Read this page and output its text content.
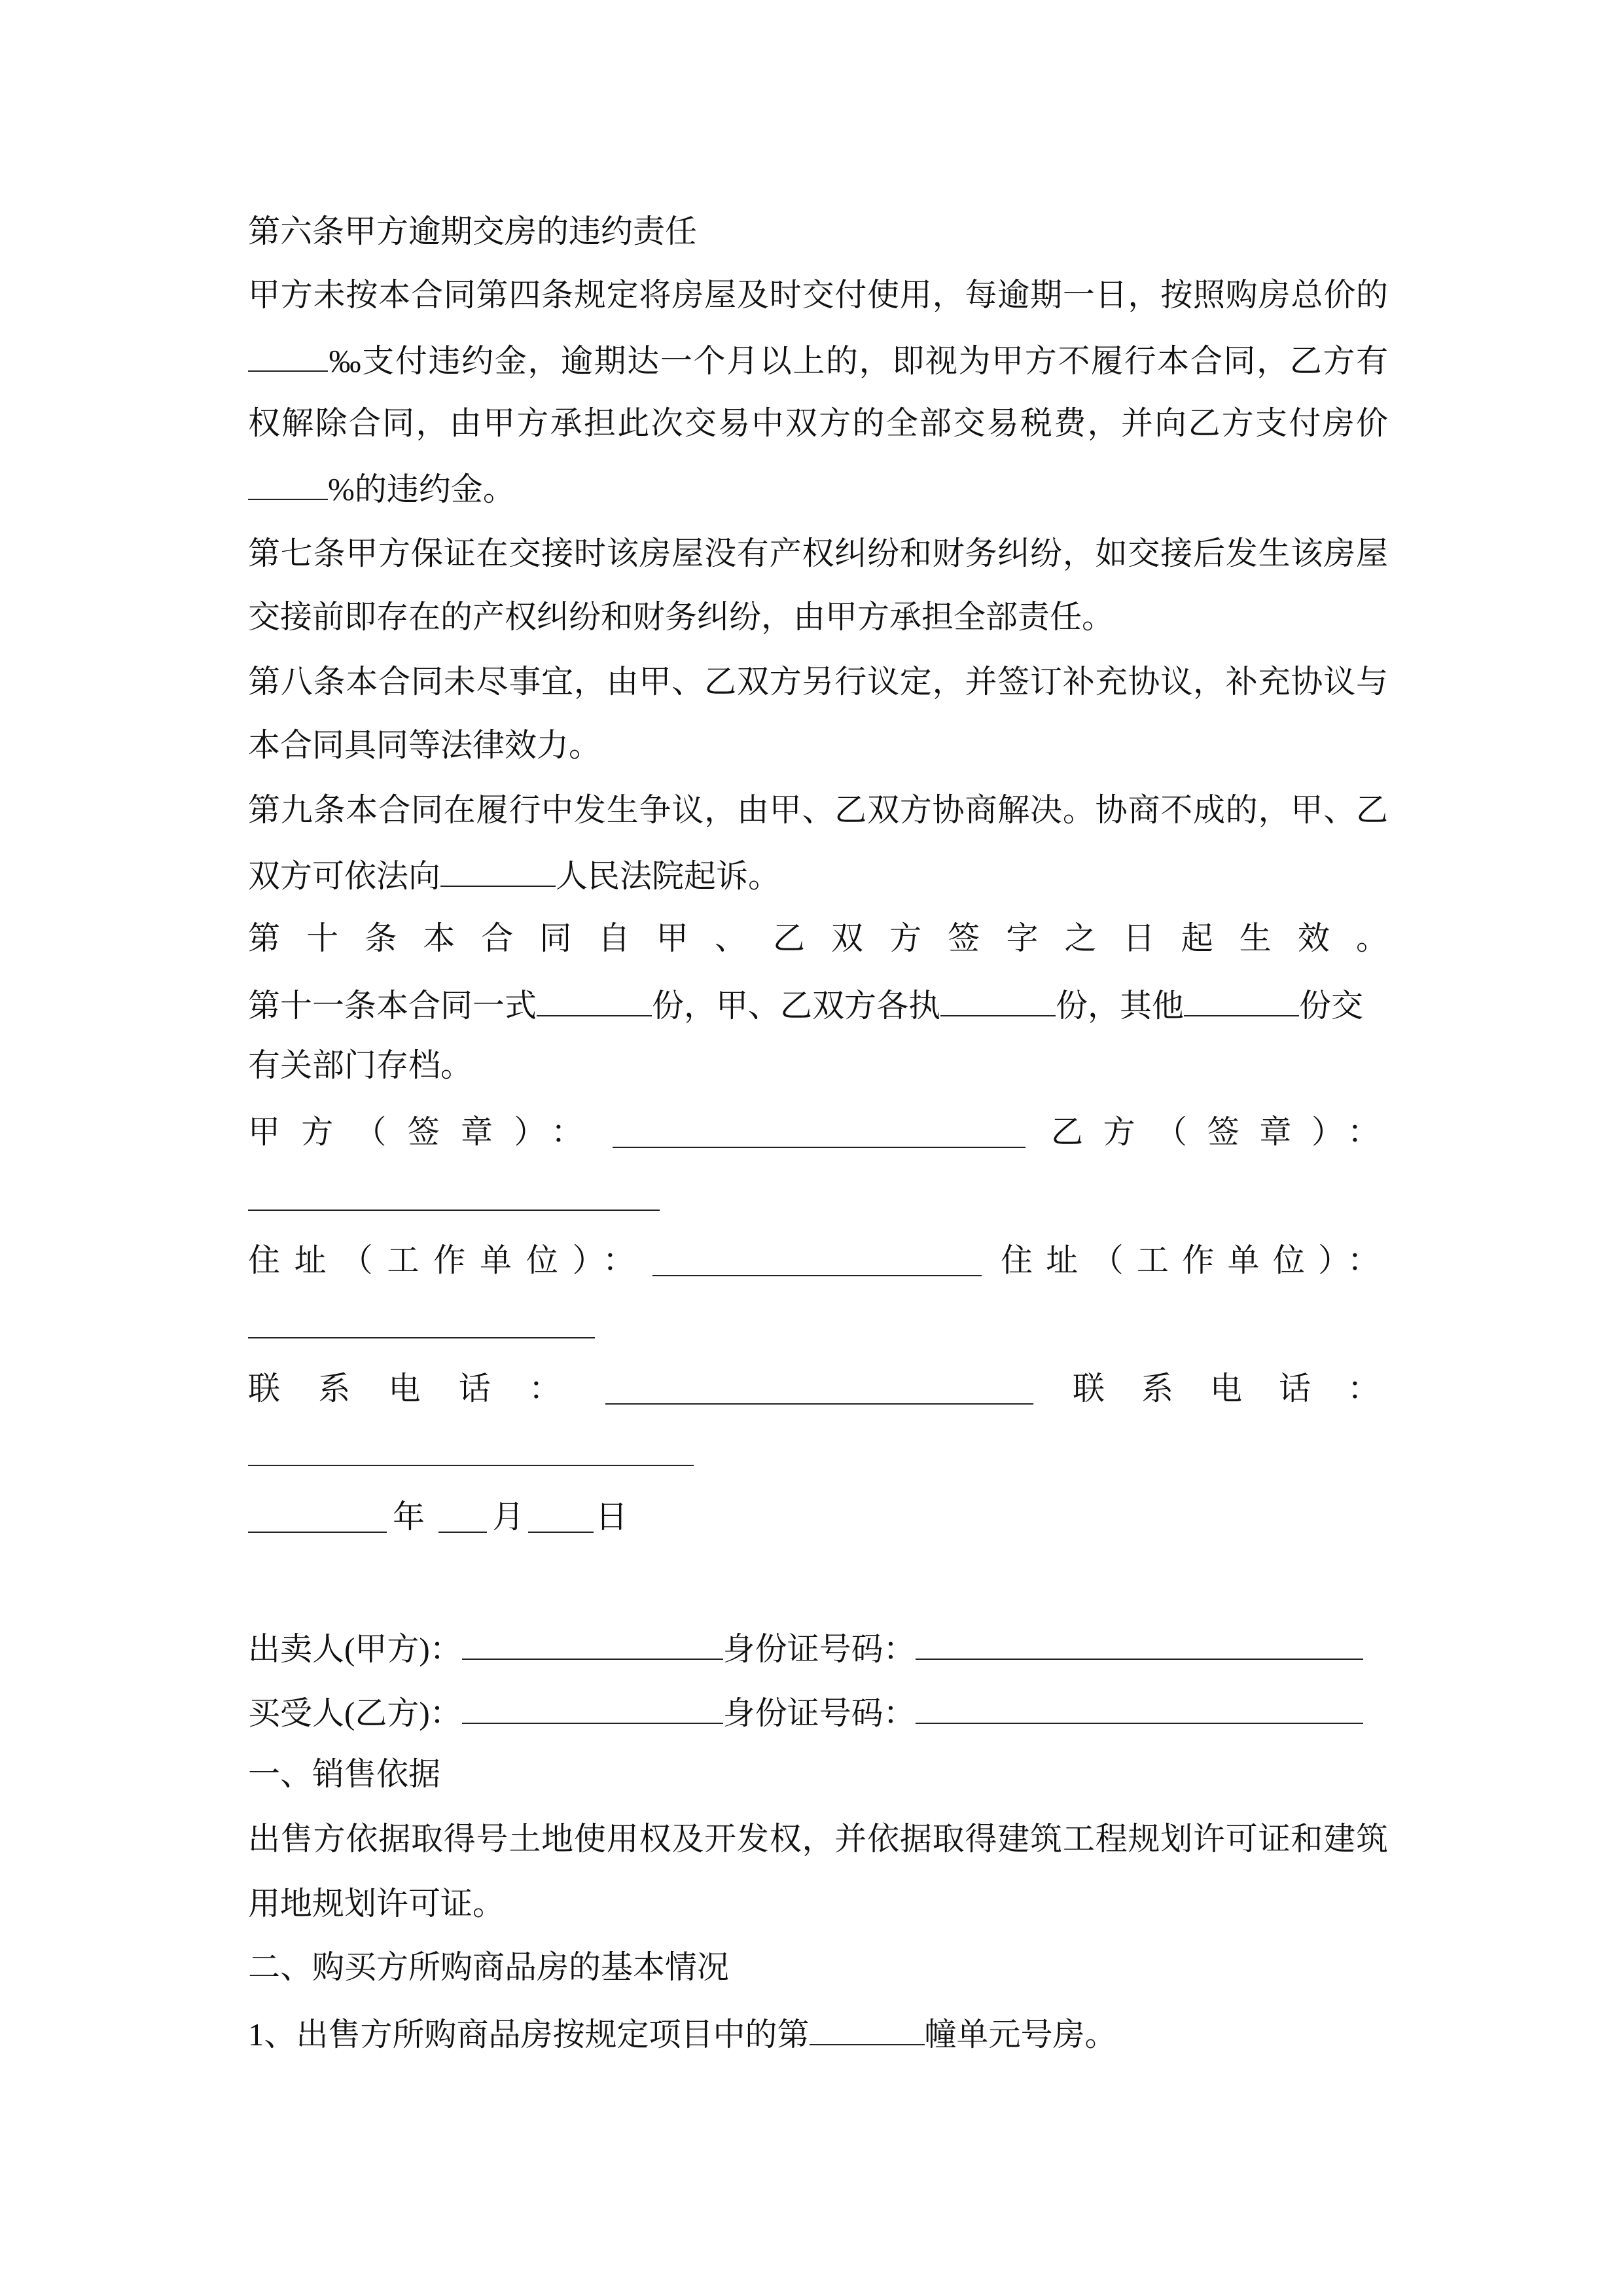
甲方（签章）：	乙方（签章）：
住址（工作单位）：	住址（工作单位）：
联系电话：	联系电话：
年 月 日
第六条甲方逾期交房的违约责任
甲方未按本合同第四条规定将房屋及时交付使用，每逾期一日，按照购房总价的
‰支付违约金，逾期达一个月以上的，即视为甲方不履行本合同，乙方有
权解除合同，由甲方承担此次交易中双方的全部交易税费，并向乙方支付房价
%的违约金。
第七条甲方保证在交接时该房屋没有产权纠纷和财务纠纷，如交接后发生该房屋
交接前即存在的产权纠纷和财务纠纷，由甲方承担全部责任。
第八条本合同未尽事宜，由甲、乙双方另行议定，并签订补充协议，补充协议与
本合同具同等法律效力。
第九条本合同在履行中发生争议，由甲、乙双方协商解决。协商不成的，甲、乙
双方可依法向	人民法院起诉。
第十条本合同自甲、乙双方签字之日起生效。
第十一条本合同一式	份，甲、乙双方各执	份，其他	份交
有关部门存档。
出卖人(甲方)：	身份证号码：
买受人(乙方)：	身份证号码：
一、销售依据
出售方依据取得号土地使用权及开发权，并依据取得建筑工程规划许可证和建筑
用地规划许可证。
二、购买方所购商品房的基本情况
1、出售方所购商品房按规定项目中的第	幢单元号房。
